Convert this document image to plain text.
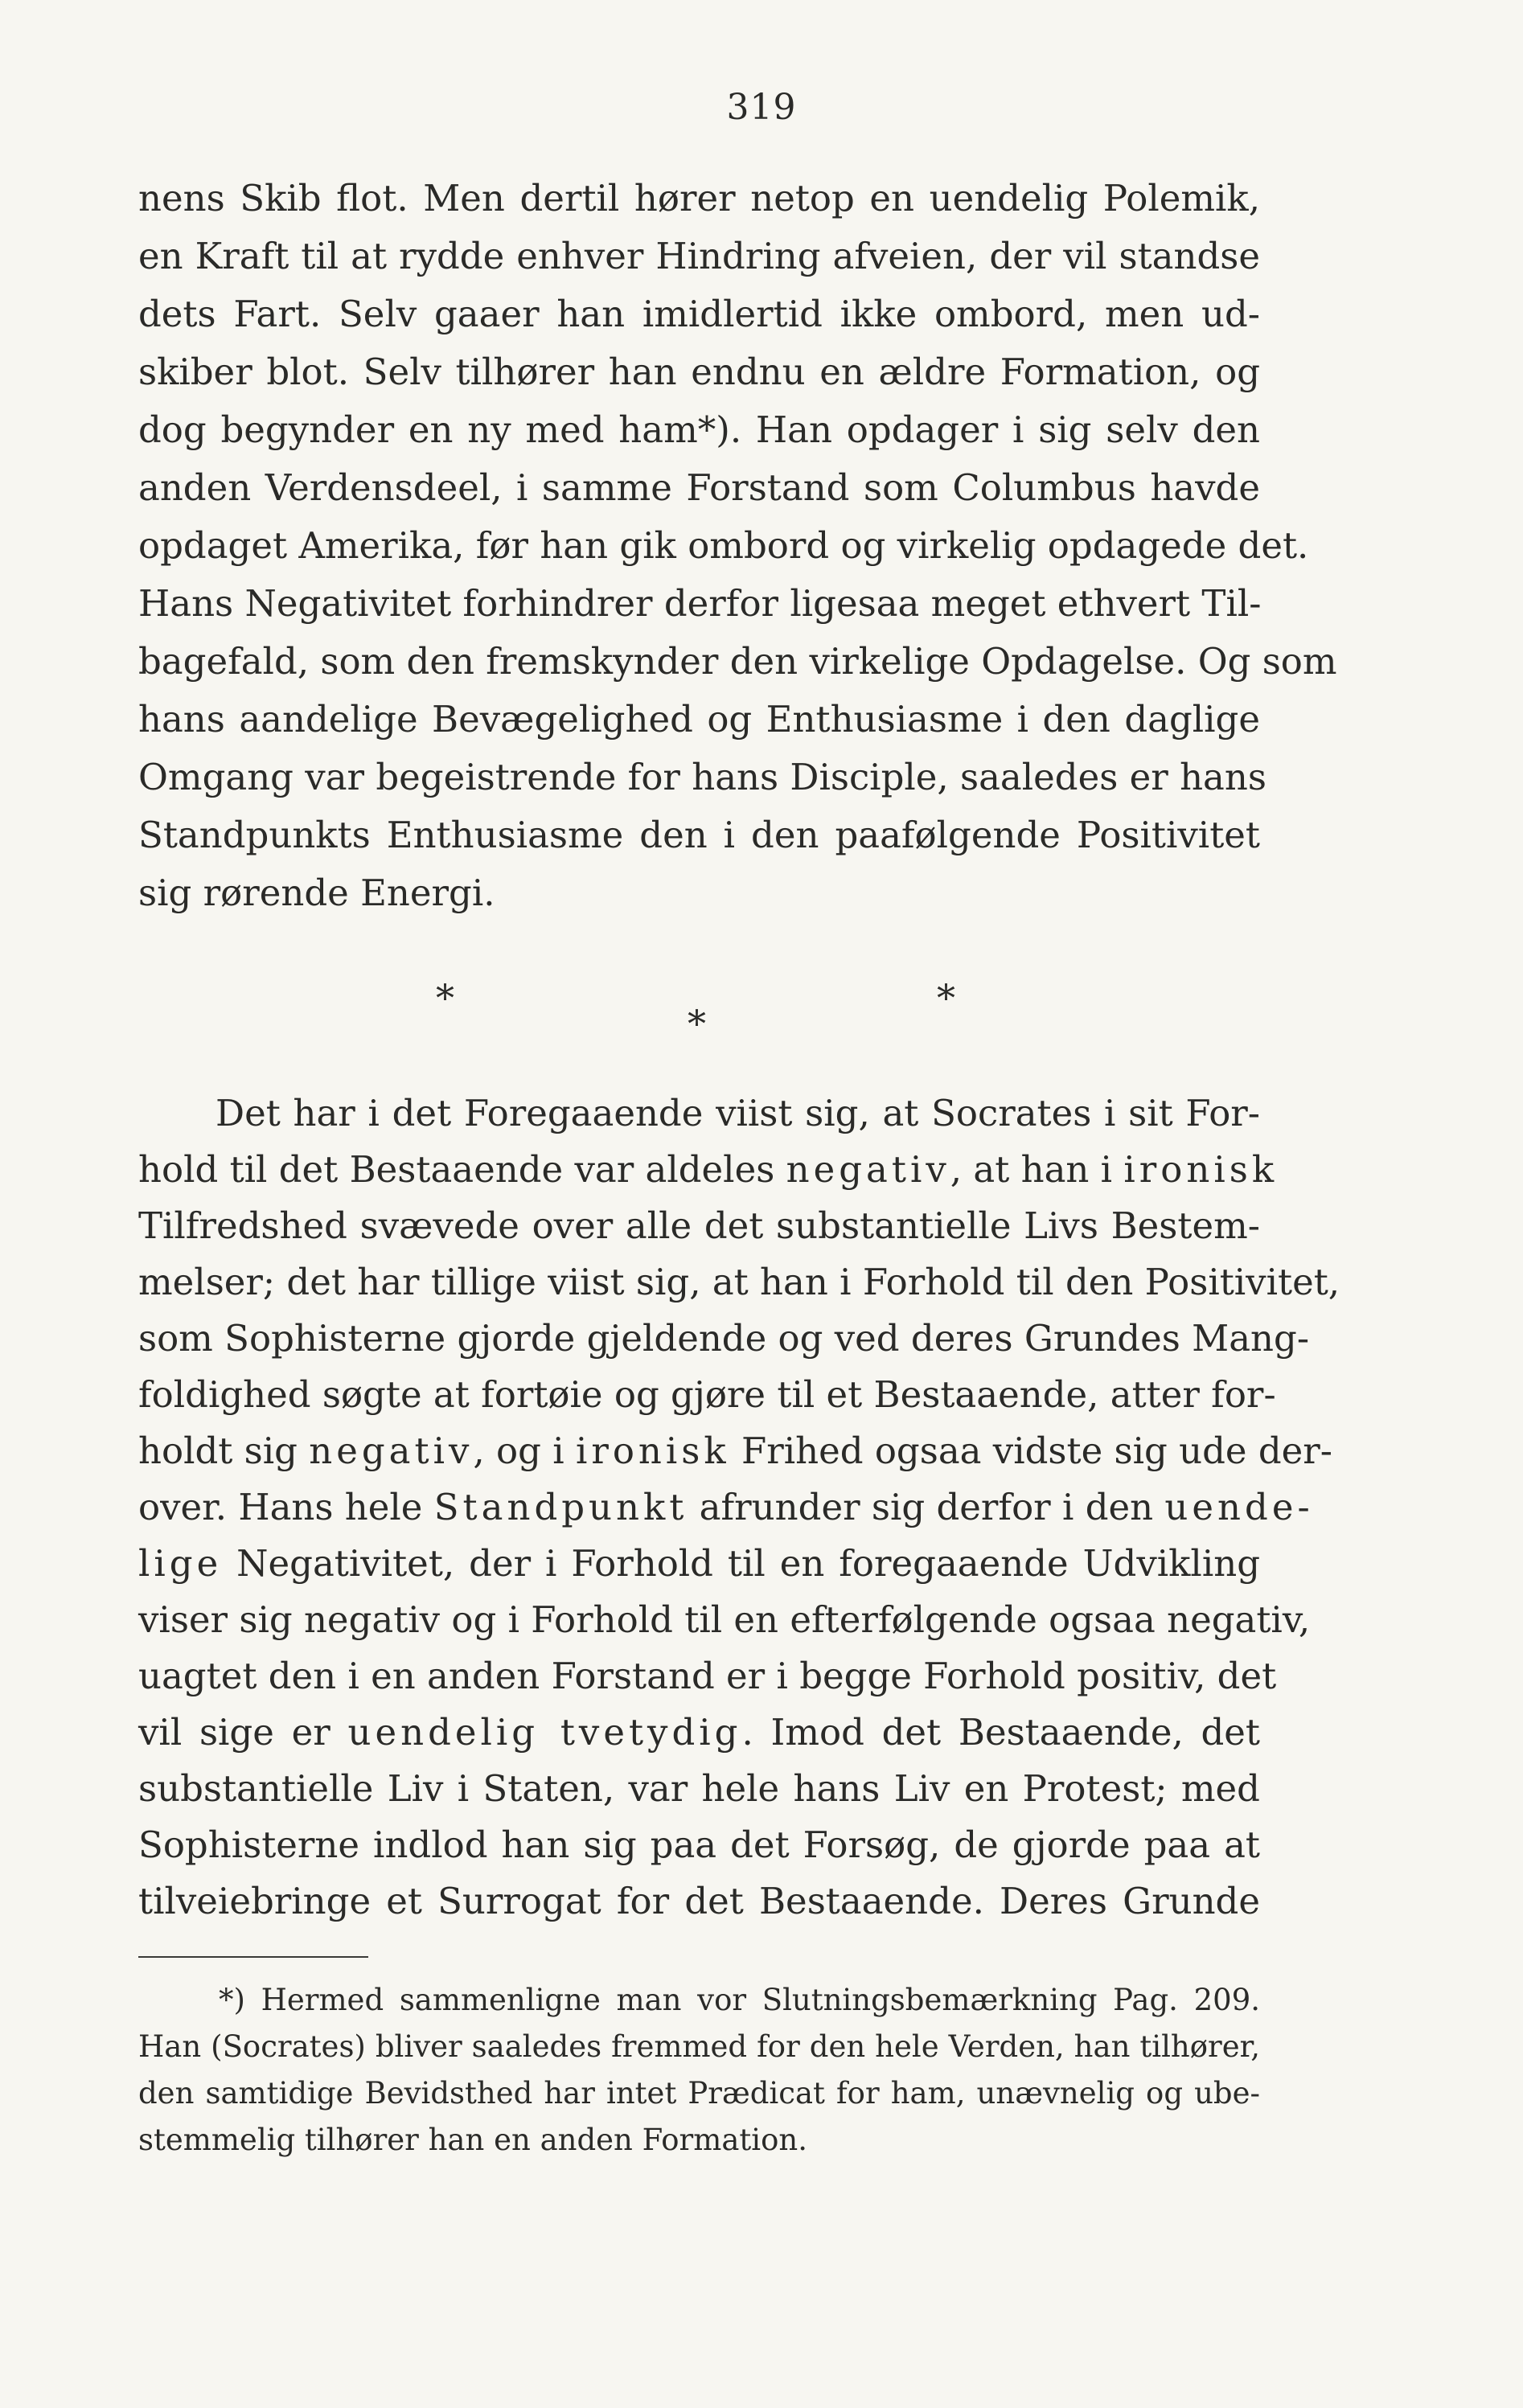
319
nens Skib flot. Men dertil hører netop en uendelig Polemik,
en Kraft til at rydde enhver Hindring afveien, der vil standse
dets Fart. Selv gaaer han imidlertid ikke ombord, men ud-
skiber blot. Selv tilhører han endnu en ældre Formation, og
dog begynder en ny med ham*). Han opdager i sig selv den
anden Verdensdeel, i samme Forstand som Columbus havde
opdaget Amerika, før han gik ombord og virkelig opdagede det.
Hans Negativitet forhindrer derfor ligesaa meget ethvert Til-
bagefald, som den fremskynder den virkelige Opdagelse. Og som
hans aandelige Bevægelighed og Enthusiasme i den daglige
Omgang var begeistrende for hans Disciple, saaledes er hans
Standpunkts Enthusiasme den i den paafølgende Positivitet
sig rørende Energi.
*
*
*
Det har i det Foregaaende viist sig, at Socrates i sit For-
hold til det Bestaaende var aldeles negativ, at han i ironisk
Tilfredshed svævede over alle det substantielle Livs Bestem-
melser; det har tillige viist sig, at han i Forhold til den Positivitet,
som Sophisterne gjorde gjeldende og ved deres Grundes Mang-
foldighed søgte at fortøie og gjøre til et Bestaaende, atter for-
holdt sig negativ, og i ironisk Frihed ogsaa vidste sig ude der-
over. Hans hele Standpunkt afrunder sig derfor i den uende-
lige Negativitet, der i Forhold til en foregaaende Udvikling
viser sig negativ og i Forhold til en efterfølgende ogsaa negativ,
uagtet den i en anden Forstand er i begge Forhold positiv, det
vil sige er uendelig tvetydig. Imod det Bestaaende, det
substantielle Liv i Staten, var hele hans Liv en Protest; med
Sophisterne indlod han sig paa det Forsøg, de gjorde paa at
tilveiebringe et Surrogat for det Bestaaende. Deres Grunde
*) Hermed sammenligne man vor Slutningsbemærkning Pag. 209.
Han (Socrates) bliver saaledes fremmed for den hele Verden, han tilhører,
den samtidige Bevidsthed har intet Prædicat for ham, unævnelig og ube-
stemmelig tilhører han en anden Formation.
